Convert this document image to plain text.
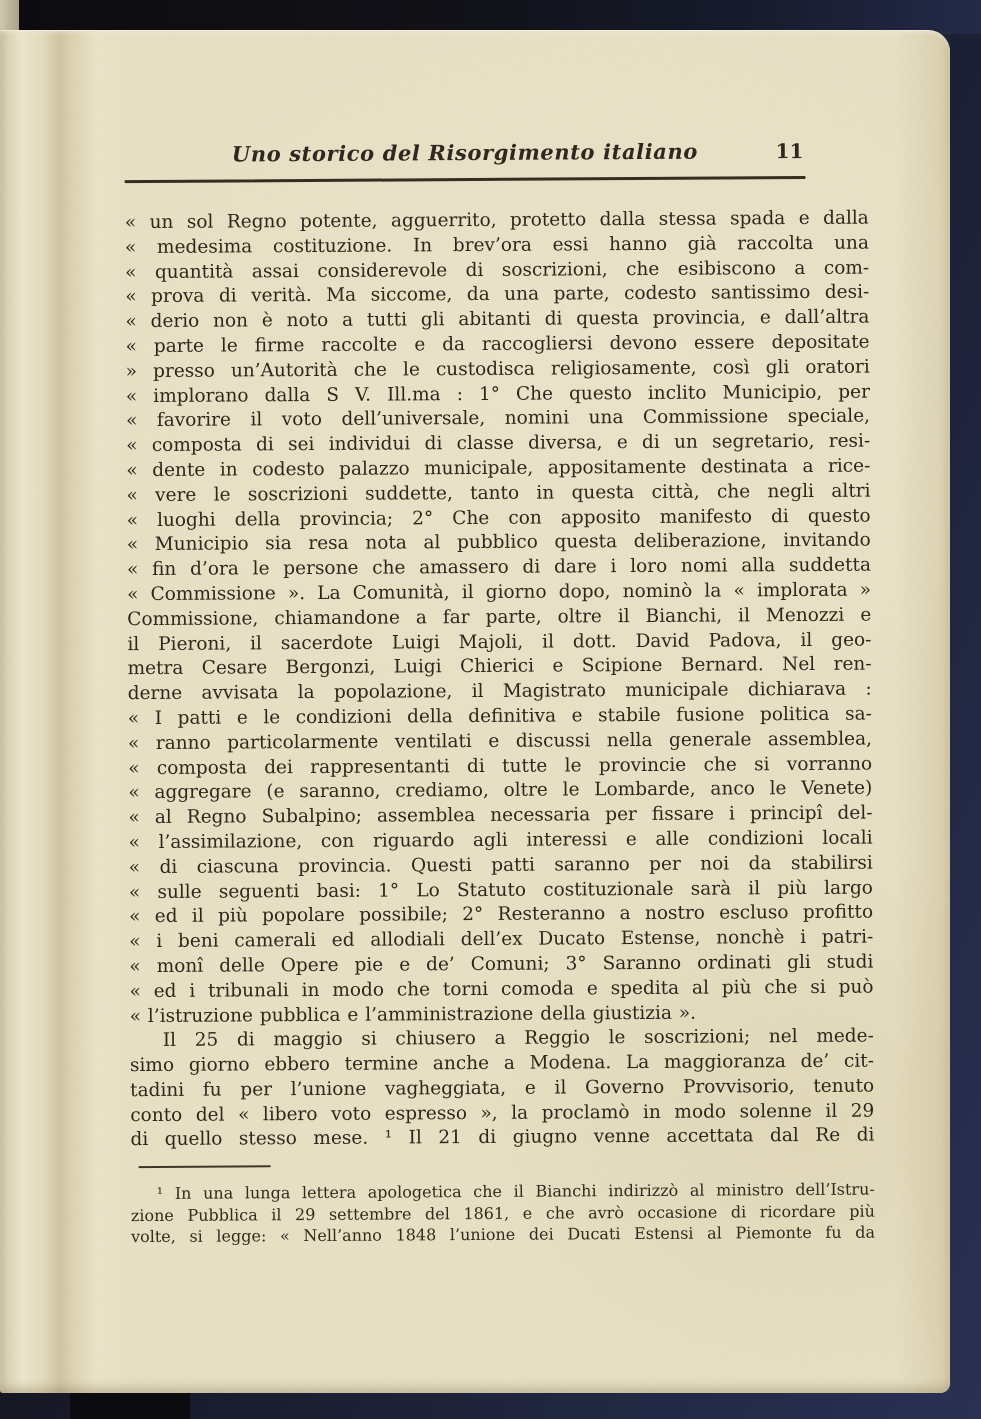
Uno storico del Risorgimento italiano	11
« un sol Regno potente, agguerrito, protetto dalla stessa spada e dalla
« medesima costituzione. In brev’ora essi hanno già raccolta una
« quantità assai considerevole di soscrizioni, che esibiscono a com-
« prova di verità. Ma siccome, da una parte, codesto santissimo desi-
« derio non è noto a tutti gli abitanti di questa provincia, e dall’altra
« parte le firme raccolte e da raccogliersi devono essere depositate
» presso un’Autorità che le custodisca religiosamente, così gli oratori
« implorano dalla S V. Ill.ma : 1° Che questo inclito Municipio, per
« favorire il voto dell’universale, nomini una Commissione speciale,
« composta di sei individui di classe diversa, e di un segretario, resi-
« dente in codesto palazzo municipale, appositamente destinata a rice-
« vere le soscrizioni suddette, tanto in questa città, che negli altri
« luoghi della provincia; 2° Che con apposito manifesto di questo
« Municipio sia resa nota al pubblico questa deliberazione, invitando
« fin d’ora le persone che amassero di dare i loro nomi alla suddetta
« Commissione ». La Comunità, il giorno dopo, nominò la « implorata »
Commissione, chiamandone a far parte, oltre il Bianchi, il Menozzi e
il Pieroni, il sacerdote Luigi Majoli, il dott. David Padova, il geo-
metra Cesare Bergonzi, Luigi Chierici e Scipione Bernard. Nel ren-
derne avvisata la popolazione, il Magistrato municipale dichiarava :
« I patti e le condizioni della definitiva e stabile fusione politica sa-
« ranno particolarmente ventilati e discussi nella generale assemblea,
« composta dei rappresentanti di tutte le provincie che si vorranno
« aggregare (e saranno, crediamo, oltre le Lombarde, anco le Venete)
« al Regno Subalpino; assemblea necessaria per fissare i principî del-
« l’assimilazione, con riguardo agli interessi e alle condizioni locali
« di ciascuna provincia. Questi patti saranno per noi da stabilirsi
« sulle seguenti basi: 1° Lo Statuto costituzionale sarà il più largo
« ed il più popolare possibile; 2° Resteranno a nostro escluso profitto
« i beni camerali ed allodiali dell’ex Ducato Estense, nonchè i patri-
« monî delle Opere pie e de’ Comuni; 3° Saranno ordinati gli studi
« ed i tribunali in modo che torni comoda e spedita al più che si può
« l’istruzione pubblica e l’amministrazione della giustizia ».
Il 25 di maggio si chiusero a Reggio le soscrizioni; nel mede-
simo giorno ebbero termine anche a Modena. La maggioranza de’ cit-
tadini fu per l’unione vagheggiata, e il Governo Provvisorio, tenuto
conto del « libero voto espresso », la proclamò in modo solenne il 29
di quello stesso mese. ¹ Il 21 di giugno venne accettata dal Re di
¹ In una lunga lettera apologetica che il Bianchi indirizzò al ministro dell’Istru-
zione Pubblica il 29 settembre del 1861, e che avrò occasione di ricordare più
volte, si legge: « Nell’anno 1848 l’unione dei Ducati Estensi al Piemonte fu da
